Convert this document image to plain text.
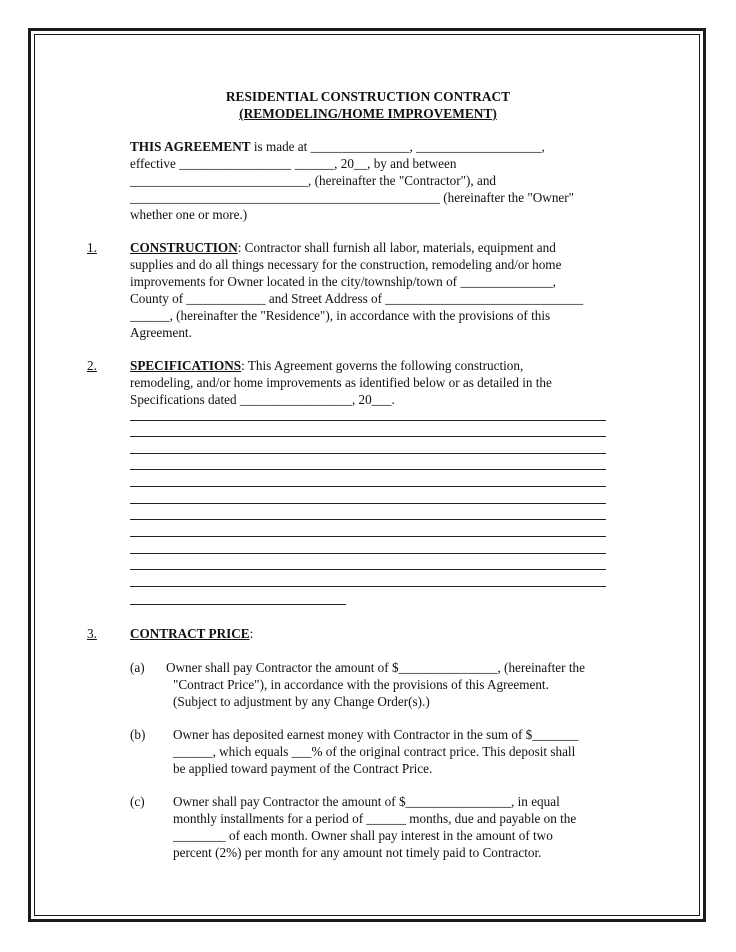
RESIDENTIAL CONSTRUCTION CONTRACT
(REMODELING/HOME IMPROVEMENT)
THIS AGREEMENT is made at _______________, ___________________,
effective _________________ ______, 20__, by and between
___________________________, (hereinafter the "Contractor"), and
_______________________________________________ (hereinafter the "Owner"
whether one or more.)
1.	CONSTRUCTION: Contractor shall furnish all labor, materials, equipment and
supplies and do all things necessary for the construction, remodeling and/or home
improvements for Owner located in the city/township/town of ______________,
County of ____________ and Street Address of ______________________________
______, (hereinafter the "Residence"), in accordance with the provisions of this
Agreement.
2.	SPECIFICATIONS: This Agreement governs the following construction,
remodeling, and/or home improvements as identified below or as detailed in the
Specifications dated _________________, 20___.
3.	CONTRACT PRICE:
(a) Owner shall pay Contractor the amount of $_______________, (hereinafter the
"Contract Price"), in accordance with the provisions of this Agreement.
(Subject to adjustment by any Change Order(s).)
(b) Owner has deposited earnest money with Contractor in the sum of $_______
______, which equals ___% of the original contract price. This deposit shall
be applied toward payment of the Contract Price.
(c) Owner shall pay Contractor the amount of $________________, in equal
monthly installments for a period of ______ months, due and payable on the
________ of each month. Owner shall pay interest in the amount of two
percent (2%) per month for any amount not timely paid to Contractor.
